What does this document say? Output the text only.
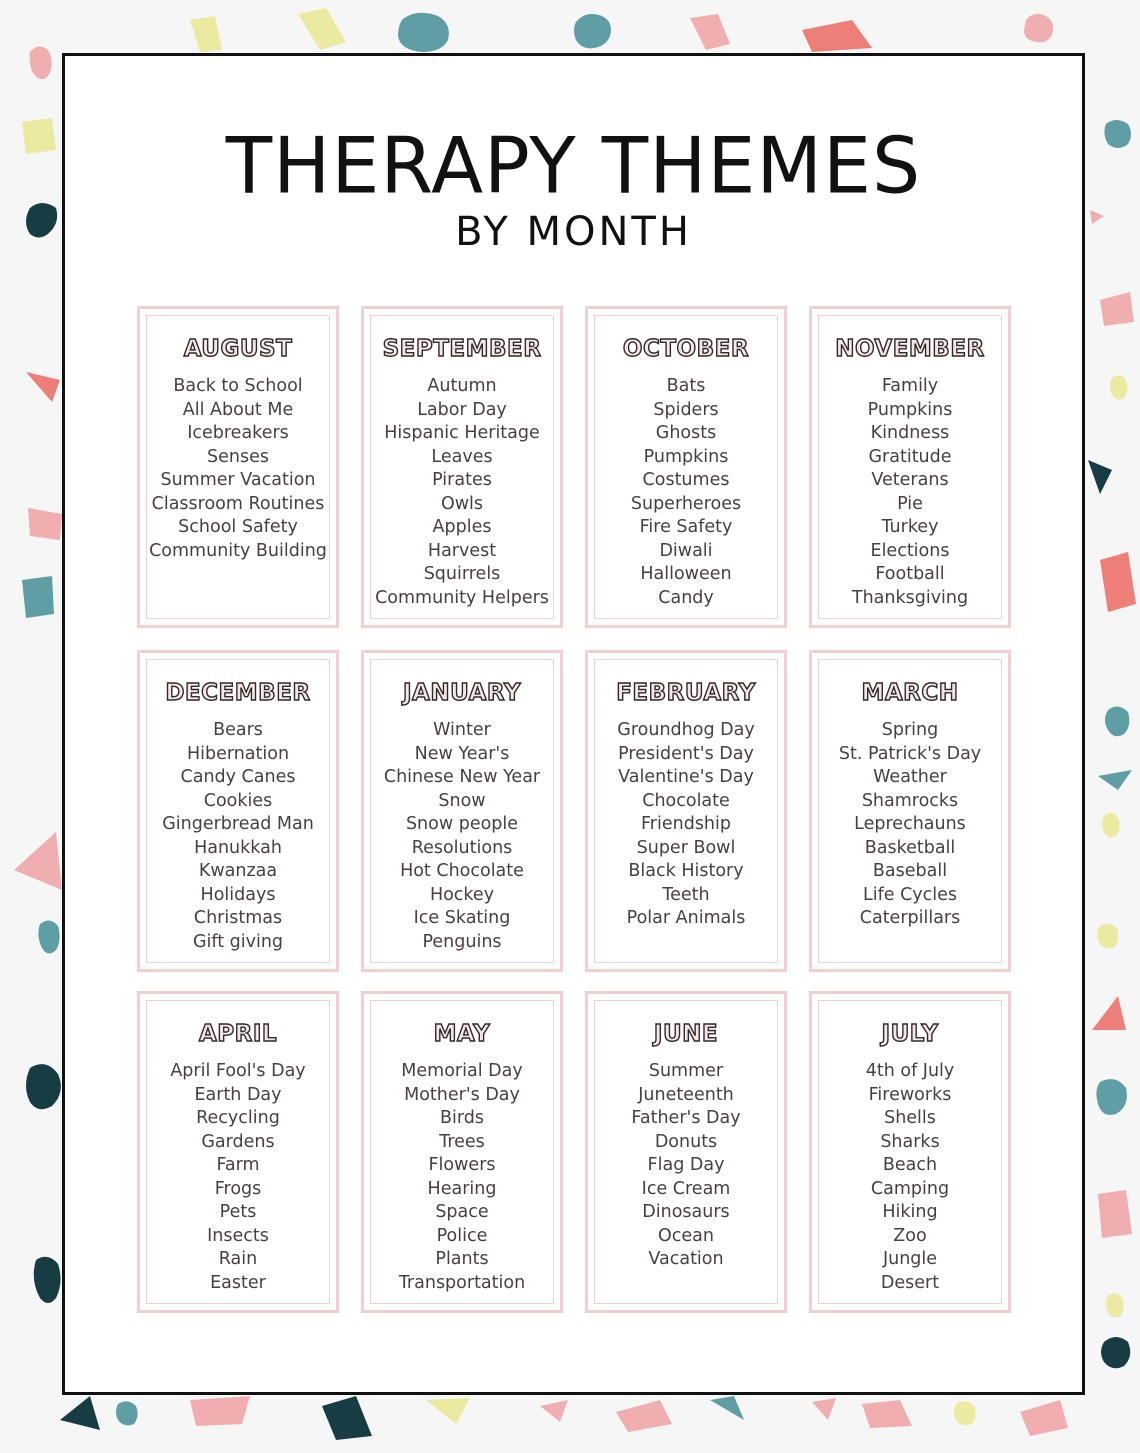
THERAPY THEMES
BY MONTH
AUGUST
Back to School
All About Me
Icebreakers
Senses
Summer Vacation
Classroom Routines
School Safety
Community Building
SEPTEMBER
Autumn
Labor Day
Hispanic Heritage
Leaves
Pirates
Owls
Apples
Harvest
Squirrels
Community Helpers
OCTOBER
Bats
Spiders
Ghosts
Pumpkins
Costumes
Superheroes
Fire Safety
Diwali
Halloween
Candy
NOVEMBER
Family
Pumpkins
Kindness
Gratitude
Veterans
Pie
Turkey
Elections
Football
Thanksgiving
DECEMBER
Bears
Hibernation
Candy Canes
Cookies
Gingerbread Man
Hanukkah
Kwanzaa
Holidays
Christmas
Gift giving
JANUARY
Winter
New Year's
Chinese New Year
Snow
Snow people
Resolutions
Hot Chocolate
Hockey
Ice Skating
Penguins
FEBRUARY
Groundhog Day
President's Day
Valentine's Day
Chocolate
Friendship
Super Bowl
Black History
Teeth
Polar Animals
MARCH
Spring
St. Patrick's Day
Weather
Shamrocks
Leprechauns
Basketball
Baseball
Life Cycles
Caterpillars
APRIL
April Fool's Day
Earth Day
Recycling
Gardens
Farm
Frogs
Pets
Insects
Rain
Easter
MAY
Memorial Day
Mother's Day
Birds
Trees
Flowers
Hearing
Space
Police
Plants
Transportation
JUNE
Summer
Juneteenth
Father's Day
Donuts
Flag Day
Ice Cream
Dinosaurs
Ocean
Vacation
JULY
4th of July
Fireworks
Shells
Sharks
Beach
Camping
Hiking
Zoo
Jungle
Desert
